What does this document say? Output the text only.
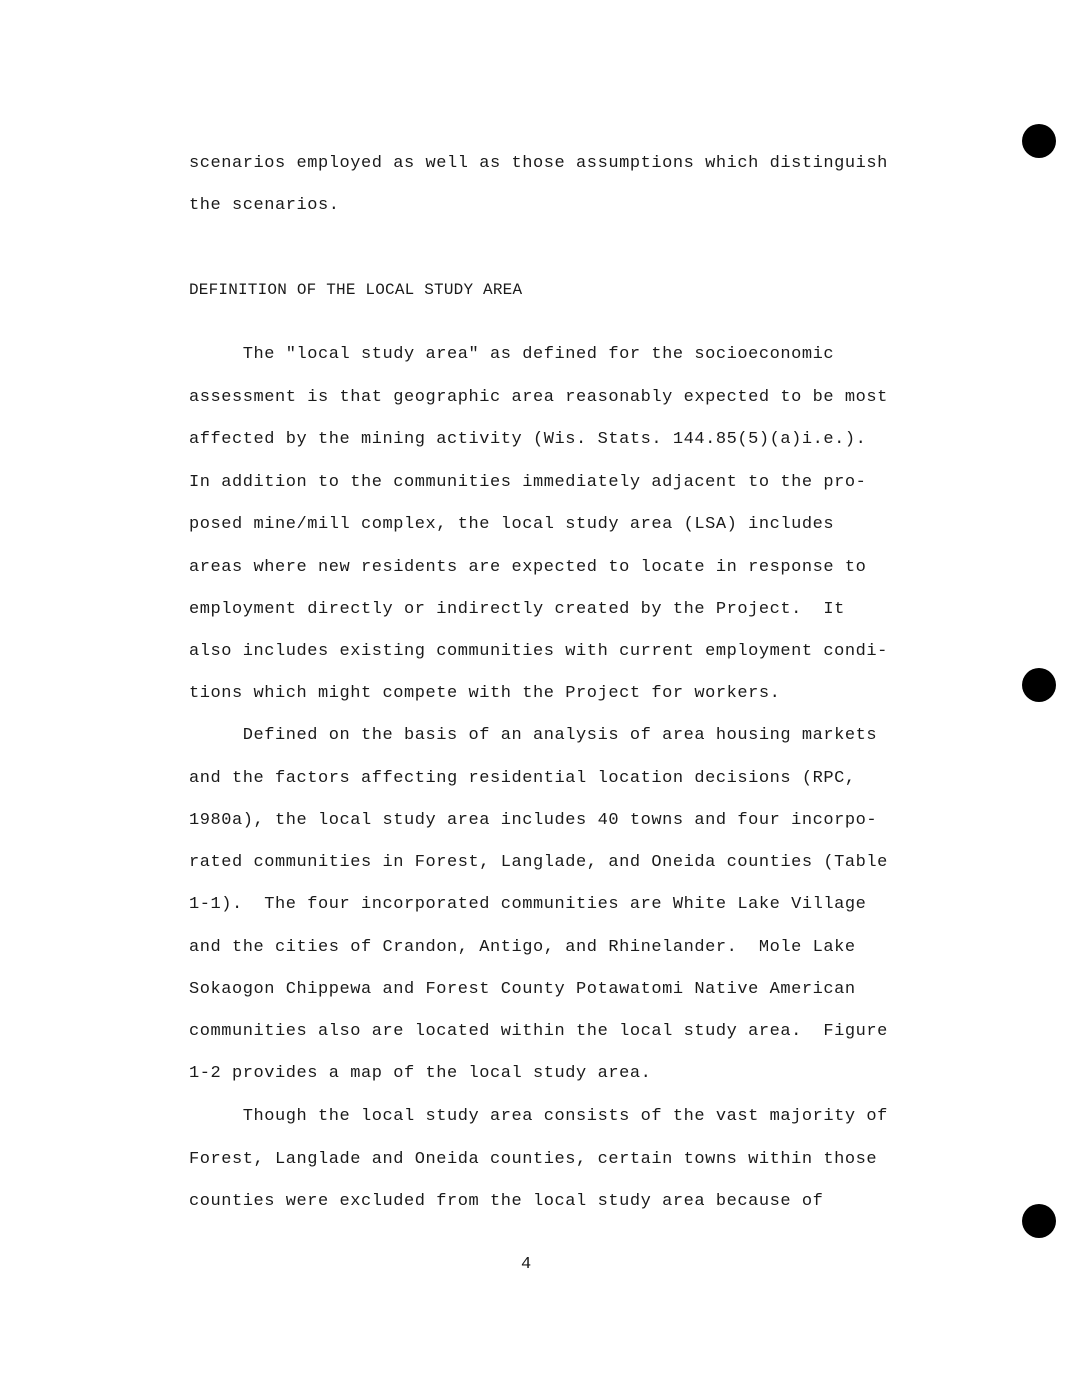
scenarios employed as well as those assumptions which distinguish
the scenarios.
DEFINITION OF THE LOCAL STUDY AREA
The "local study area" as defined for the socioeconomic
assessment is that geographic area reasonably expected to be most
affected by the mining activity (Wis. Stats. 144.85(5)(a)i.e.).
In addition to the communities immediately adjacent to the pro-
posed mine/mill complex, the local study area (LSA) includes
areas where new residents are expected to locate in response to
employment directly or indirectly created by the Project.  It
also includes existing communities with current employment condi-
tions which might compete with the Project for workers.
Defined on the basis of an analysis of area housing markets
and the factors affecting residential location decisions (RPC,
1980a), the local study area includes 40 towns and four incorpo-
rated communities in Forest, Langlade, and Oneida counties (Table
1-1).  The four incorporated communities are White Lake Village
and the cities of Crandon, Antigo, and Rhinelander.  Mole Lake
Sokaogon Chippewa and Forest County Potawatomi Native American
communities also are located within the local study area.  Figure
1-2 provides a map of the local study area.
Though the local study area consists of the vast majority of
Forest, Langlade and Oneida counties, certain towns within those
counties were excluded from the local study area because of
4
